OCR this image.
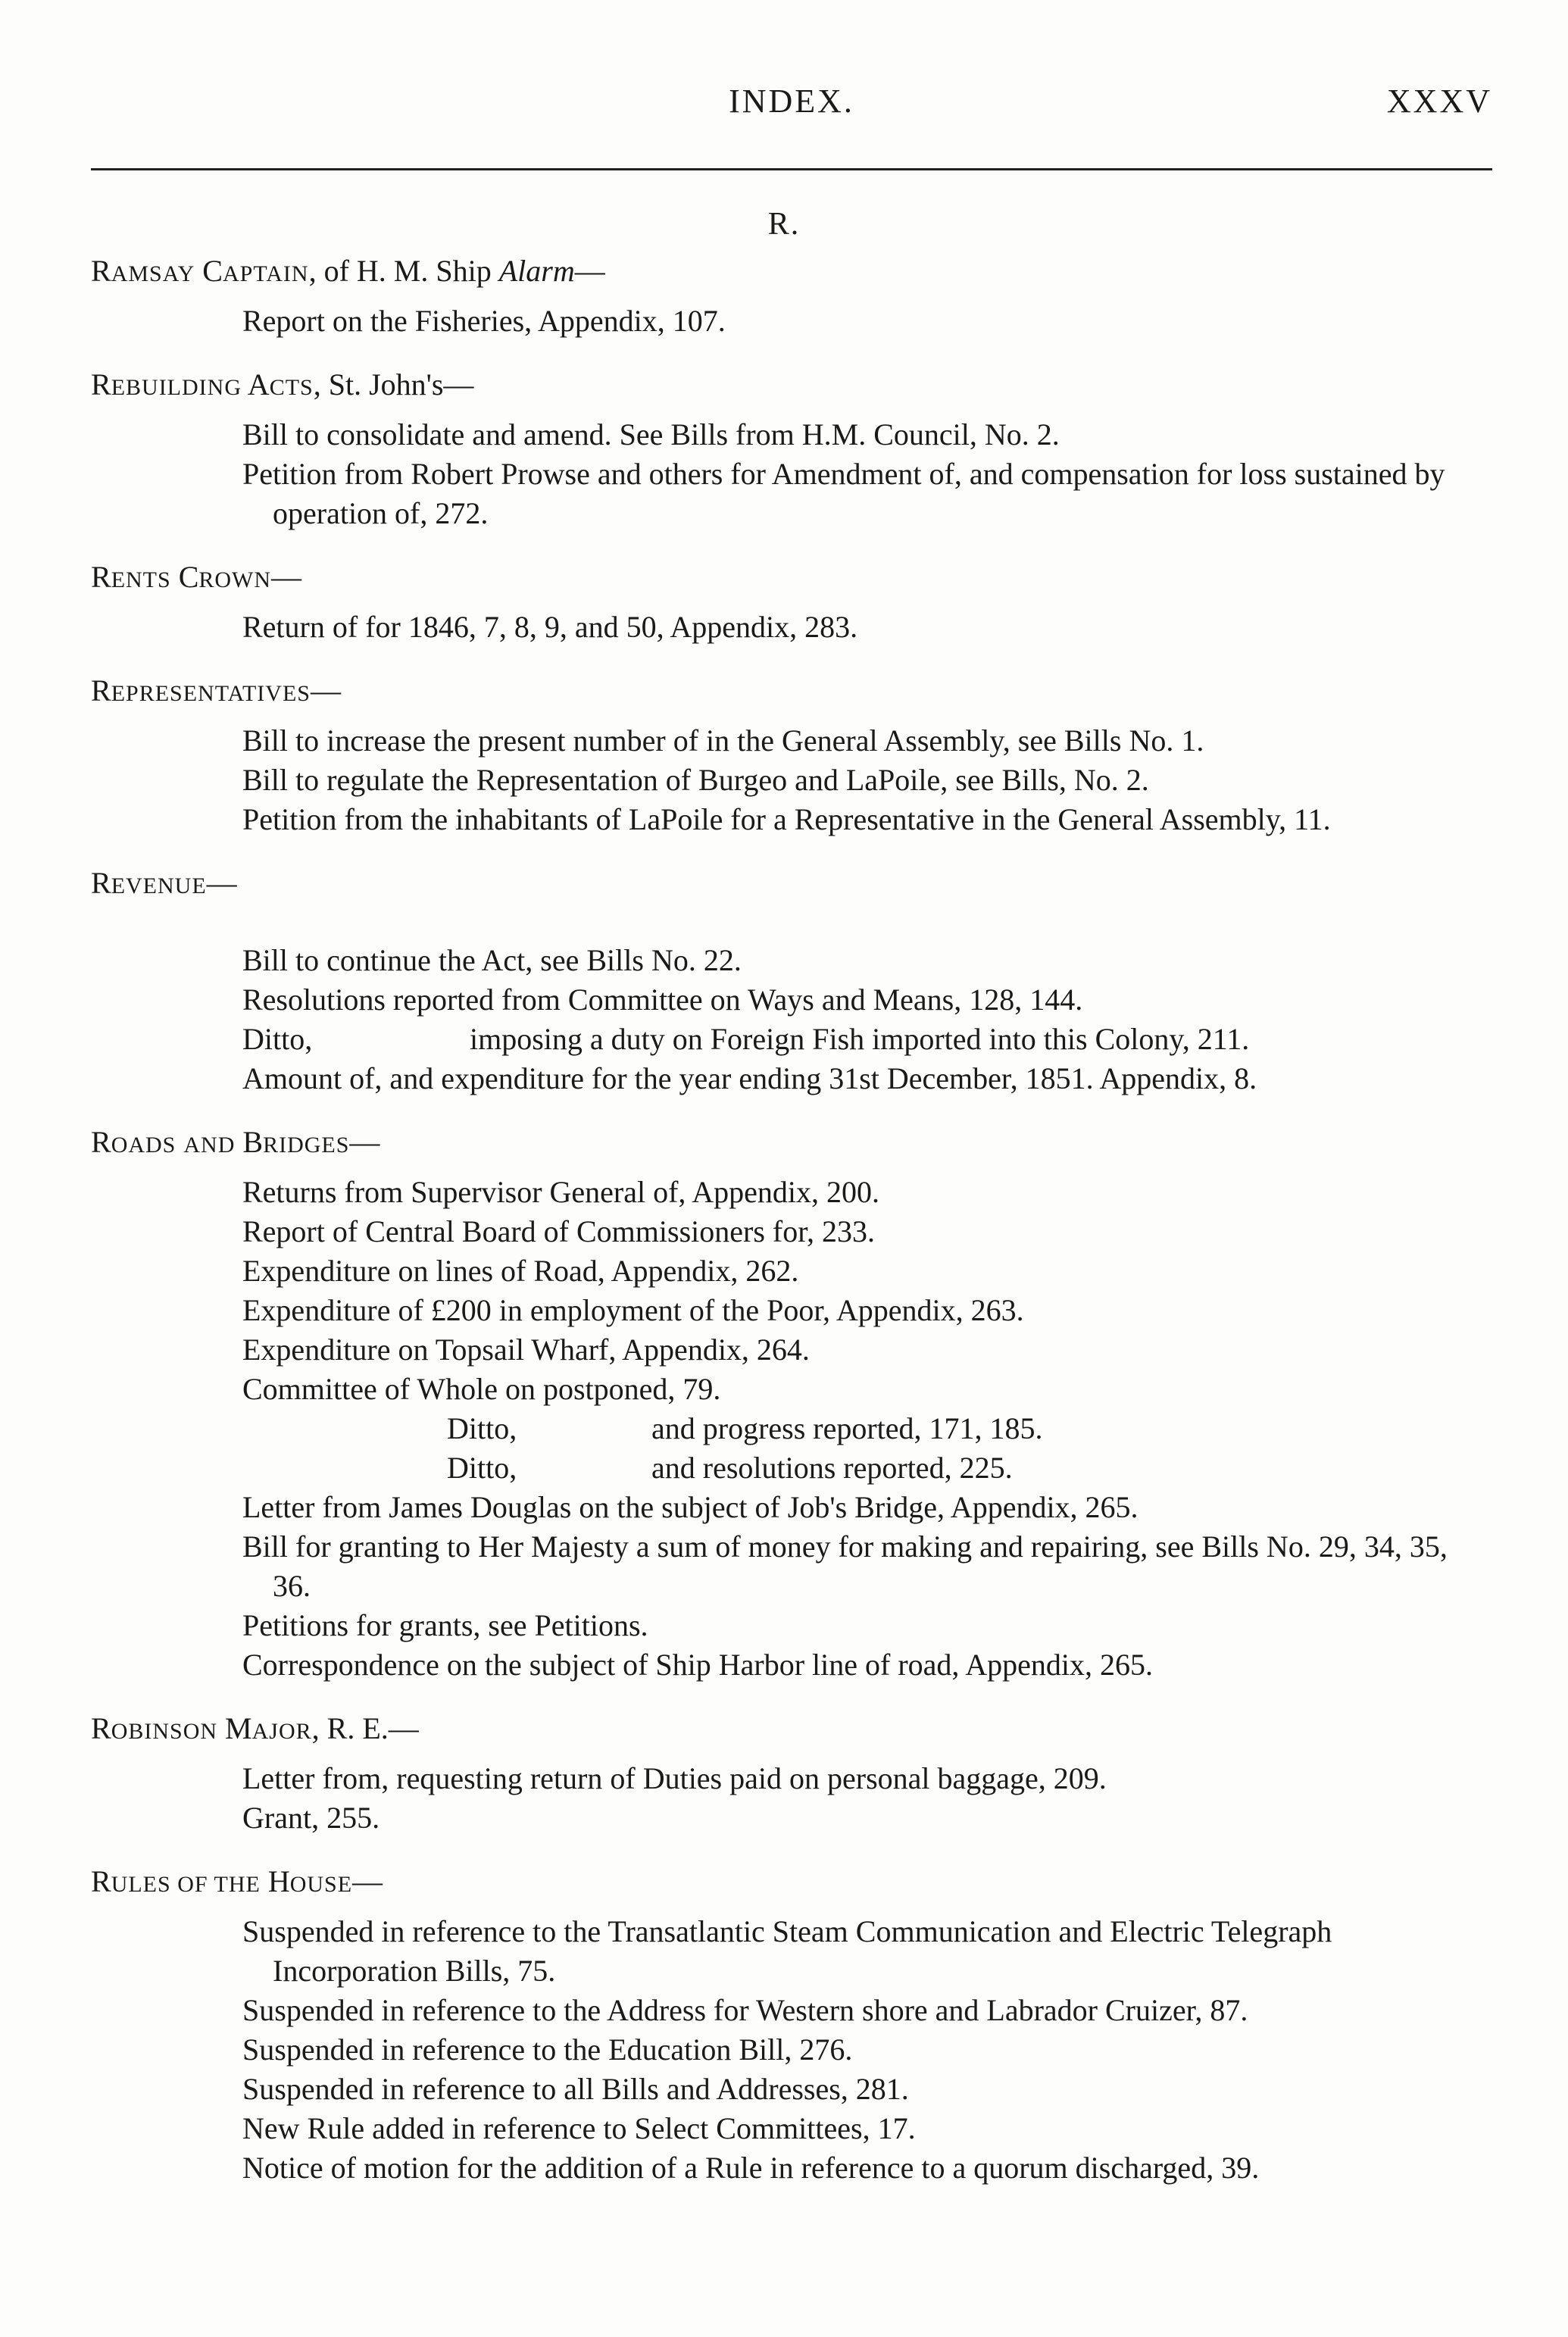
INDEX.	XXXV
R.
RAMSAY CAPTAIN, of H. M. Ship Alarm—
Report on the Fisheries, Appendix, 107.
REBUILDING ACTS, St. John's—
Bill to consolidate and amend. See Bills from H.M. Council, No. 2.
Petition from Robert Prowse and others for Amendment of, and compensation for loss sustained by operation of, 272.
RENTS CROWN—
Return of for 1846, 7, 8, 9, and 50, Appendix, 283.
REPRESENTATIVES—
Bill to increase the present number of in the General Assembly, see Bills No. 1.
Bill to regulate the Representation of Burgeo and LaPoile, see Bills, No. 2.
Petition from the inhabitants of LaPoile for a Representative in the General Assembly, 11.
REVENUE—
Bill to continue the Act, see Bills No. 22.
Resolutions reported from Committee on Ways and Means, 128, 144.
Ditto,	imposing a duty on Foreign Fish imported into this Colony, 211.
Amount of, and expenditure for the year ending 31st December, 1851. Appendix, 8.
ROADS AND BRIDGES—
Returns from Supervisor General of, Appendix, 200.
Report of Central Board of Commissioners for, 233.
Expenditure on lines of Road, Appendix, 262.
Expenditure of £200 in employment of the Poor, Appendix, 263.
Expenditure on Topsail Wharf, Appendix, 264.
Committee of Whole on postponed, 79.
Ditto,	and progress reported, 171, 185.
Ditto,	and resolutions reported, 225.
Letter from James Douglas on the subject of Job's Bridge, Appendix, 265.
Bill for granting to Her Majesty a sum of money for making and repairing, see Bills No. 29, 34, 35, 36.
Petitions for grants, see Petitions.
Correspondence on the subject of Ship Harbor line of road, Appendix, 265.
ROBINSON MAJOR, R. E.—
Letter from, requesting return of Duties paid on personal baggage, 209.
Grant, 255.
RULES OF THE HOUSE—
Suspended in reference to the Transatlantic Steam Communication and Electric Telegraph Incorporation Bills, 75.
Suspended in reference to the Address for Western shore and Labrador Cruizer, 87.
Suspended in reference to the Education Bill, 276.
Suspended in reference to all Bills and Addresses, 281.
New Rule added in reference to Select Committees, 17.
Notice of motion for the addition of a Rule in reference to a quorum discharged, 39.
